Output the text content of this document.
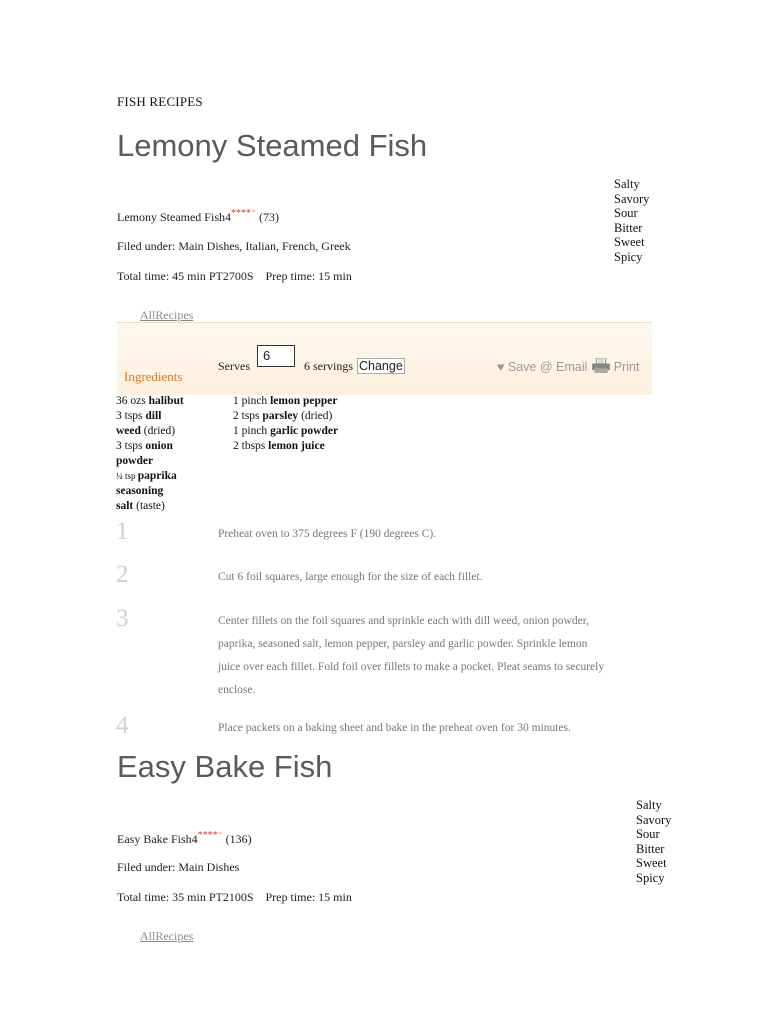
FISH RECIPES
Lemony Steamed Fish
Salty
Savory
Sour
Bitter
Sweet
Spicy
Lemony Steamed Fish4***** (73)
Filed under: Main Dishes, Italian, French, Greek
Total time: 45 min PT2700S Prep time: 15 min
AllRecipes
Ingredients
Serves
6
6 servings Change	♥ Save @ Email Print
36 ozs halibut
3 tsps dill
weed (dried)
3 tsps onion
powder
¼ tsp paprika
seasoning
salt (taste)
1 pinch lemon pepper
2 tsps parsley (dried)
1 pinch garlic powder
2 tbsps lemon juice
1	Preheat oven to 375 degrees F (190 degrees C).
2	Cut 6 foil squares, large enough for the size of each fillet.
3	Center fillets on the foil squares and sprinkle each with dill weed, onion powder,
paprika, seasoned salt, lemon pepper, parsley and garlic powder. Sprinkle lemon
juice over each fillet. Fold foil over fillets to make a pocket. Pleat seams to securely
enclose.
4	Place packets on a baking sheet and bake in the preheat oven for 30 minutes.
Easy Bake Fish
Salty
Savory
Sour
Bitter
Sweet
Spicy
Easy Bake Fish4***** (136)
Filed under: Main Dishes
Total time: 35 min PT2100S Prep time: 15 min
AllRecipes
